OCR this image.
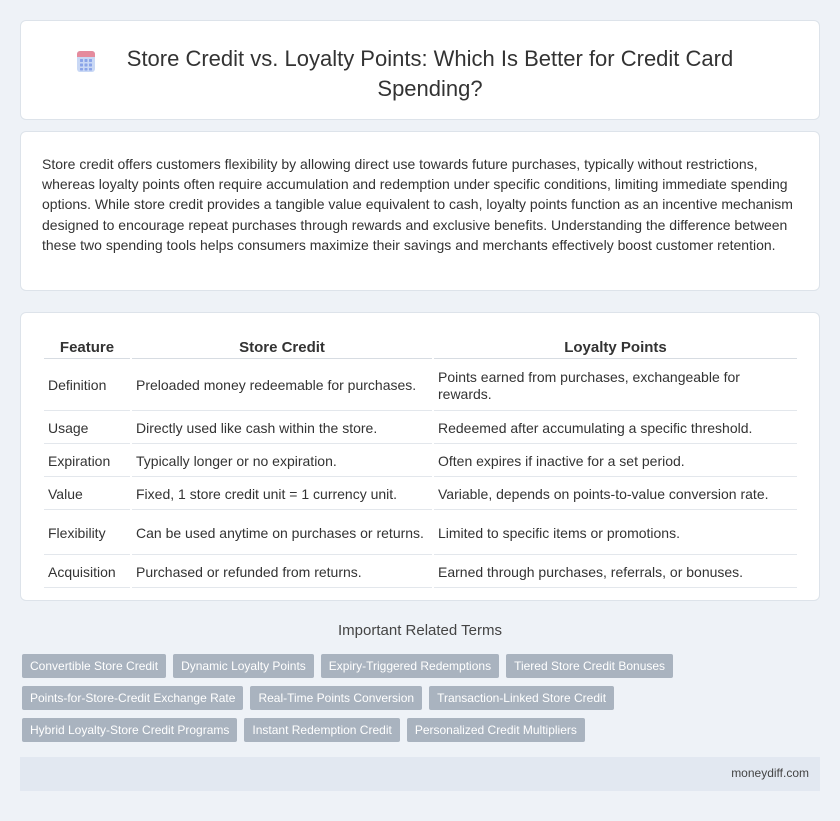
Store Credit vs. Loyalty Points: Which Is Better for Credit Card Spending?

Store credit offers customers flexibility by allowing direct use towards future purchases, typically without restrictions, whereas loyalty points often require accumulation and redemption under specific conditions, limiting immediate spending options. While store credit provides a tangible value equivalent to cash, loyalty points function as an incentive mechanism designed to encourage repeat purchases through rewards and exclusive benefits. Understanding the difference between these two spending tools helps consumers maximize their savings and merchants effectively boost customer retention.

Feature	Store Credit	Loyalty Points
Definition	Preloaded money redeemable for purchases.	Points earned from purchases, exchangeable for rewards.
Usage	Directly used like cash within the store.	Redeemed after accumulating a specific threshold.
Expiration	Typically longer or no expiration.	Often expires if inactive for a set period.
Value	Fixed, 1 store credit unit = 1 currency unit.	Variable, depends on points-to-value conversion rate.
Flexibility	Can be used anytime on purchases or returns.	Limited to specific items or promotions.
Acquisition	Purchased or refunded from returns.	Earned through purchases, referrals, or bonuses.
Important Related Terms
Convertible Store Credit	Dynamic Loyalty Points	Expiry-Triggered Redemptions	Tiered Store Credit Bonuses
Points-for-Store-Credit Exchange Rate	Real-Time Points Conversion	Transaction-Linked Store Credit
Hybrid Loyalty-Store Credit Programs	Instant Redemption Credit	Personalized Credit Multipliers
moneydiff.com
